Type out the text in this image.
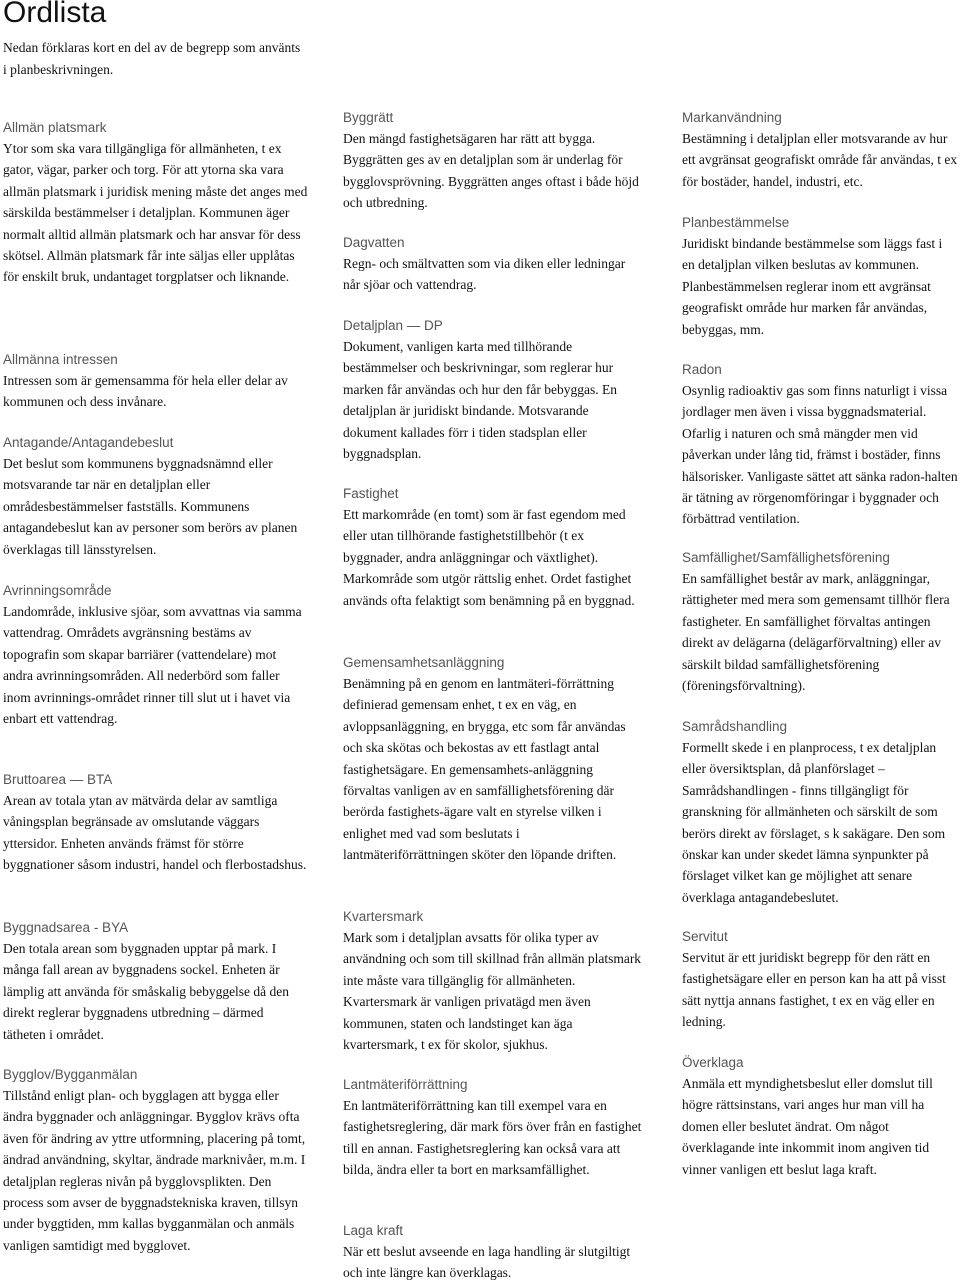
Ordlista

Nedan förklaras kort en del av de begrepp som använts i planbeskrivningen.

Allmän platsmark

Ytor som ska vara tillgängliga för allmänheten, t ex gator, vägar, parker och torg. För att ytorna ska vara allmän platsmark i juridisk mening måste det anges med särskilda bestämmelser i detaljplan. Kommunen äger normalt alltid allmän platsmark och har ansvar för dess skötsel. Allmän platsmark får inte säljas eller upplåtas för enskilt bruk, undantaget torgplatser och liknande.

Allmänna intressen

Intressen som är gemensamma för hela eller delar av kommunen och dess invånare.

Antagande/Antagandebeslut

Det beslut som kommunens byggnadsnämnd eller motsvarande tar när en detaljplan eller områdesbestämmelser fastställs. Kommunens antagandebeslut kan av personer som berörs av planen överklagas till länsstyrelsen.

Avrinningsområde

Landområde, inklusive sjöar, som avvattnas via samma vattendrag. Områdets avgränsning bestäms av topografin som skapar barriärer (vattendelare) mot andra avrinningsområden. All nederbörd som faller inom avrinnings-området rinner till slut ut i havet via enbart ett vattendrag.

Bruttoarea — BTA

Arean av totala ytan av mätvärda delar av samtliga våningsplan begränsade av omslutande väggars yttersidor. Enheten används främst för större byggnationer såsom industri, handel och flerbostadshus.

Byggnadsarea - BYA

Den totala arean som byggnaden upptar på mark. I många fall arean av byggnadens sockel. Enheten är lämplig att använda för småskalig bebyggelse då den direkt reglerar byggnadens utbredning – därmed tätheten i området.

Bygglov/Bygganmälan

Tillstånd enligt plan- och bygglagen att bygga eller ändra byggnader och anläggningar. Bygglov krävs ofta även för ändring av yttre utformning, placering på tomt, ändrad användning, skyltar, ändrade marknivåer, m.m. I detaljplan regleras nivån på bygglovsplikten. Den process som avser de byggnadstekniska kraven, tillsyn under byggtiden, mm kallas bygganmälan och anmäls vanligen samtidigt med bygglovet.

Byggrätt

Den mängd fastighetsägaren har rätt att bygga. Byggrätten ges av en detaljplan som är underlag för bygglovsprövning. Byggrätten anges oftast i både höjd och utbredning.

Dagvatten

Regn- och smältvatten som via diken eller ledningar når sjöar och vattendrag.

Detaljplan — DP

Dokument, vanligen karta med tillhörande bestämmelser och beskrivningar, som reglerar hur marken får användas och hur den får bebyggas. En detaljplan är juridiskt bindande. Motsvarande dokument kallades förr i tiden stadsplan eller byggnadsplan.

Fastighet

Ett markområde (en tomt) som är fast egendom med eller utan tillhörande fastighetstillbehör (t ex byggnader, andra anläggningar och växtlighet). Markområde som utgör rättslig enhet. Ordet fastighet används ofta felaktigt som benämning på en byggnad.

Gemensamhetsanläggning

Benämning på en genom en lantmäteri-förrättning definierad gemensam enhet, t ex en väg, en avloppsanläggning, en brygga, etc som får användas och ska skötas och bekostas av ett fastlagt antal fastighetsägare. En gemensamhets-anläggning förvaltas vanligen av en samfällighetsförening där berörda fastighets-ägare valt en styrelse vilken i enlighet med vad som beslutats i lantmäteriförrättningen sköter den löpande driften.

Kvartersmark

Mark som i detaljplan avsatts för olika typer av användning och som till skillnad från allmän platsmark inte måste vara tillgänglig för allmänheten. Kvartersmark är vanligen privatägd men även kommunen, staten och landstinget kan äga kvartersmark, t ex för skolor, sjukhus.

Lantmäteriförrättning

En lantmäteriförrättning kan till exempel vara en fastighetsreglering, där mark förs över från en fastighet till en annan. Fastighetsreglering kan också vara att bilda, ändra eller ta bort en marksamfällighet.

Laga kraft

När ett beslut avseende en laga handling är slutgiltigt och inte längre kan överklagas.

Markanvändning

Bestämning i detaljplan eller motsvarande av hur ett avgränsat geografiskt område får användas, t ex för bostäder, handel, industri, etc.

Planbestämmelse

Juridiskt bindande bestämmelse som läggs fast i en detaljplan vilken beslutas av kommunen. Planbestämmelsen reglerar inom ett avgränsat geografiskt område hur marken får användas, bebyggas, mm.

Radon

Osynlig radioaktiv gas som finns naturligt i vissa jordlager men även i vissa byggnadsmaterial. Ofarlig i naturen och små mängder men vid påverkan under lång tid, främst i bostäder, finns hälsorisker. Vanligaste sättet att sänka radon-halten är tätning av rörgenomföringar i byggnader och förbättrad ventilation.

Samfällighet/Samfällighetsförening

En samfällighet består av mark, anläggningar, rättigheter med mera som gemensamt tillhör flera fastigheter. En samfällighet förvaltas antingen direkt av delägarna (delägarförvaltning) eller av särskilt bildad samfällighetsförening (föreningsförvaltning).

Samrådshandling

Formellt skede i en planprocess, t ex detaljplan eller översiktsplan, då planförslaget – Samrådshandlingen - finns tillgängligt för granskning för allmänheten och särskilt de som berörs direkt av förslaget, s k sakägare. Den som önskar kan under skedet lämna synpunkter på förslaget vilket kan ge möjlighet att senare överklaga antagandebeslutet.

Servitut

Servitut är ett juridiskt begrepp för den rätt en fastighetsägare eller en person kan ha att på visst sätt nyttja annans fastighet, t ex en väg eller en ledning.

Överklaga

Anmäla ett myndighetsbeslut eller domslut till högre rättsinstans, vari anges hur man vill ha domen eller beslutet ändrat. Om något överklagande inte inkommit inom angiven tid vinner vanligen ett beslut laga kraft.
